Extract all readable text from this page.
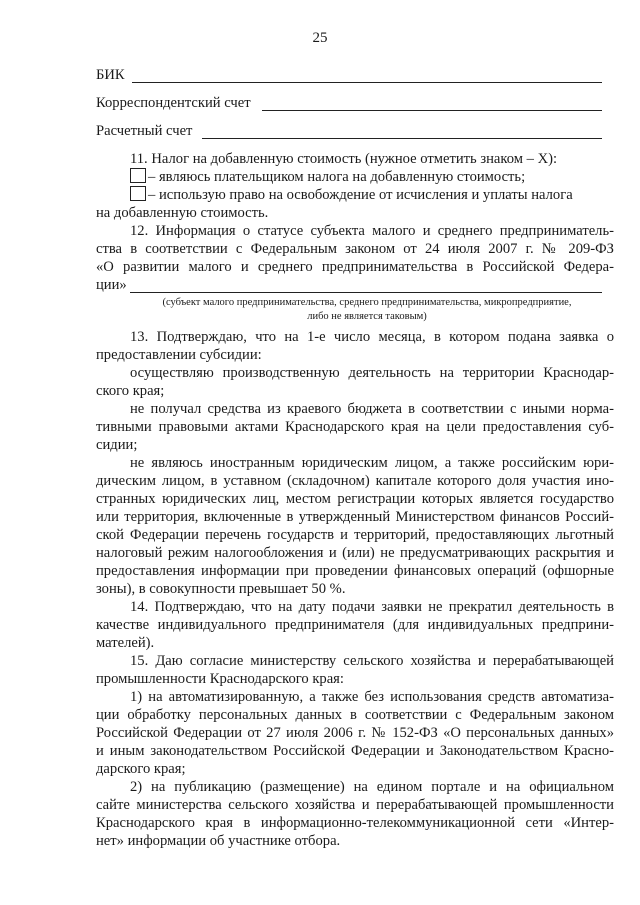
25
БИК
Корреспондентский счет
Расчетный счет
11. Налог на добавленную стоимость (нужное отметить знаком – Х):
– являюсь плательщиком налога на добавленную стоимость;
– использую право на освобождение от исчисления и уплаты налога
на добавленную стоимость.
12. Информация о статусе субъекта малого и среднего предприниматель-
ства в соответствии с Федеральным законом от 24 июля 2007 г. № 209-ФЗ
«О развитии малого и среднего предпринимательства в Российской Федера-
ции»
(субъект малого предпринимательства, среднего предпринимательства, микропредприятие,
либо не является таковым)
13. Подтверждаю, что на 1-е число месяца, в котором подана заявка о
предоставлении субсидии:
осуществляю производственную деятельность на территории Краснодар-
ского края;
не получал средства из краевого бюджета в соответствии с иными норма-
тивными правовыми актами Краснодарского края на цели предоставления суб-
сидии;
не являюсь иностранным юридическим лицом, а также российским юри-
дическим лицом, в уставном (складочном) капитале которого доля участия ино-
странных юридических лиц, местом регистрации которых является государство
или территория, включенные в утвержденный Министерством финансов Россий-
ской Федерации перечень государств и территорий, предоставляющих льготный
налоговый режим налогообложения и (или) не предусматривающих раскрытия и
предоставления информации при проведении финансовых операций (офшорные
зоны), в совокупности превышает 50 %.
14. Подтверждаю, что на дату подачи заявки не прекратил деятельность в
качестве индивидуального предпринимателя (для индивидуальных предприни-
мателей).
15. Даю согласие министерству сельского хозяйства и перерабатывающей
промышленности Краснодарского края:
1) на автоматизированную, а также без использования средств автоматиза-
ции обработку персональных данных в соответствии с Федеральным законом
Российской Федерации от 27 июля 2006 г. № 152-ФЗ «О персональных данных»
и иным законодательством Российской Федерации и Законодательством Красно-
дарского края;
2) на публикацию (размещение) на едином портале и на официальном
сайте министерства сельского хозяйства и перерабатывающей промышленности
Краснодарского края в информационно-телекоммуникационной сети «Интер-
нет» информации об участнике отбора.
